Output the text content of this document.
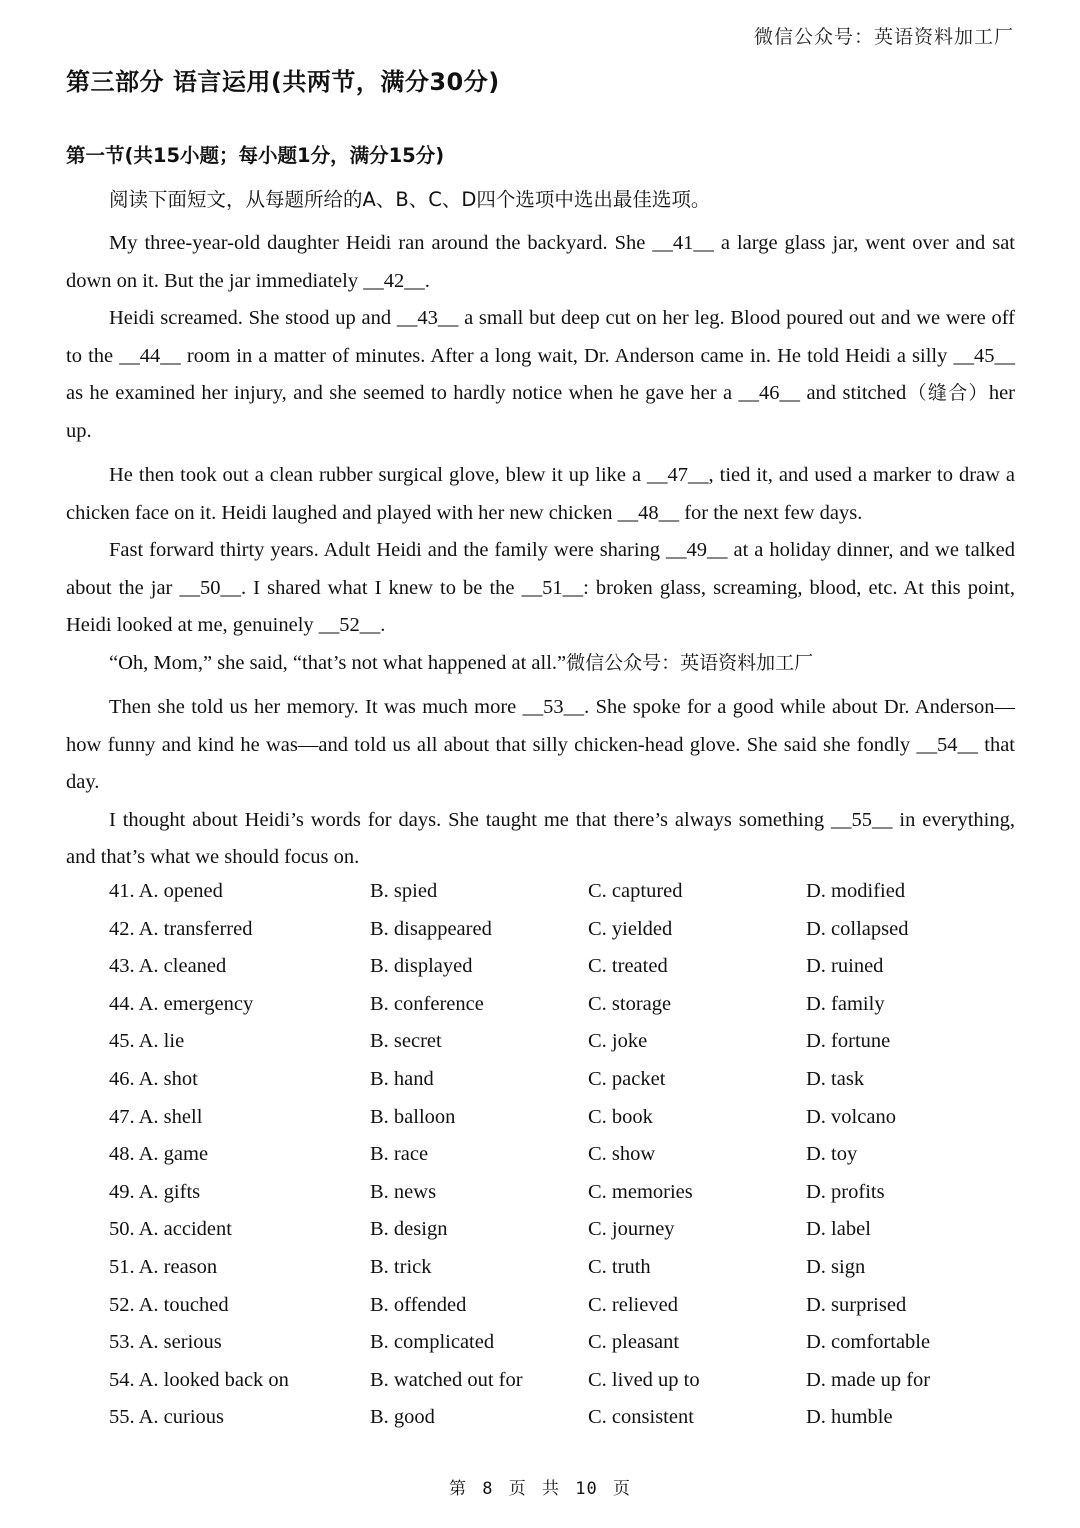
微信公众号：英语资料加工厂
第三部分 语言运用(共两节，满分30分)
第一节(共15小题；每小题1分，满分15分)
阅读下面短文，从每题所给的A、B、C、D四个选项中选出最佳选项。

My three-year-old daughter Heidi ran around the backyard. She __41__ a large glass jar, went over and sat down on it. But the jar immediately __42__.

Heidi screamed. She stood up and __43__ a small but deep cut on her leg. Blood poured out and we were off to the __44__ room in a matter of minutes. After a long wait, Dr. Anderson came in. He told Heidi a silly __45__ as he examined her injury, and she seemed to hardly notice when he gave her a __46__ and stitched（缝合）her up.

He then took out a clean rubber surgical glove, blew it up like a __47__, tied it, and used a marker to draw a chicken face on it. Heidi laughed and played with her new chicken __48__ for the next few days.

Fast forward thirty years. Adult Heidi and the family were sharing __49__ at a holiday dinner, and we talked about the jar __50__. I shared what I knew to be the __51__: broken glass, screaming, blood, etc. At this point, Heidi looked at me, genuinely __52__.

“Oh, Mom,” she said, “that’s not what happened at all.”微信公众号：英语资料加工厂

Then she told us her memory. It was much more __53__. She spoke for a good while about Dr. Anderson—how funny and kind he was—and told us all about that silly chicken-head glove. She said she fondly __54__ that day.

I thought about Heidi’s words for days. She taught me that there’s always something __55__ in everything, and that’s what we should focus on.

41. A. opened	B. spied	C. captured	D. modified
42. A. transferred	B. disappeared	C. yielded	D. collapsed
43. A. cleaned	B. displayed	C. treated	D. ruined
44. A. emergency	B. conference	C. storage	D. family
45. A. lie	B. secret	C. joke	D. fortune
46. A. shot	B. hand	C. packet	D. task
47. A. shell	B. balloon	C. book	D. volcano
48. A. game	B. race	C. show	D. toy
49. A. gifts	B. news	C. memories	D. profits
50. A. accident	B. design	C. journey	D. label
51. A. reason	B. trick	C. truth	D. sign
52. A. touched	B. offended	C. relieved	D. surprised
53. A. serious	B. complicated	C. pleasant	D. comfortable
54. A. looked back on	B. watched out for	C. lived up to	D. made up for
55. A. curious	B. good	C. consistent	D. humble
第 8 页 共 10 页
